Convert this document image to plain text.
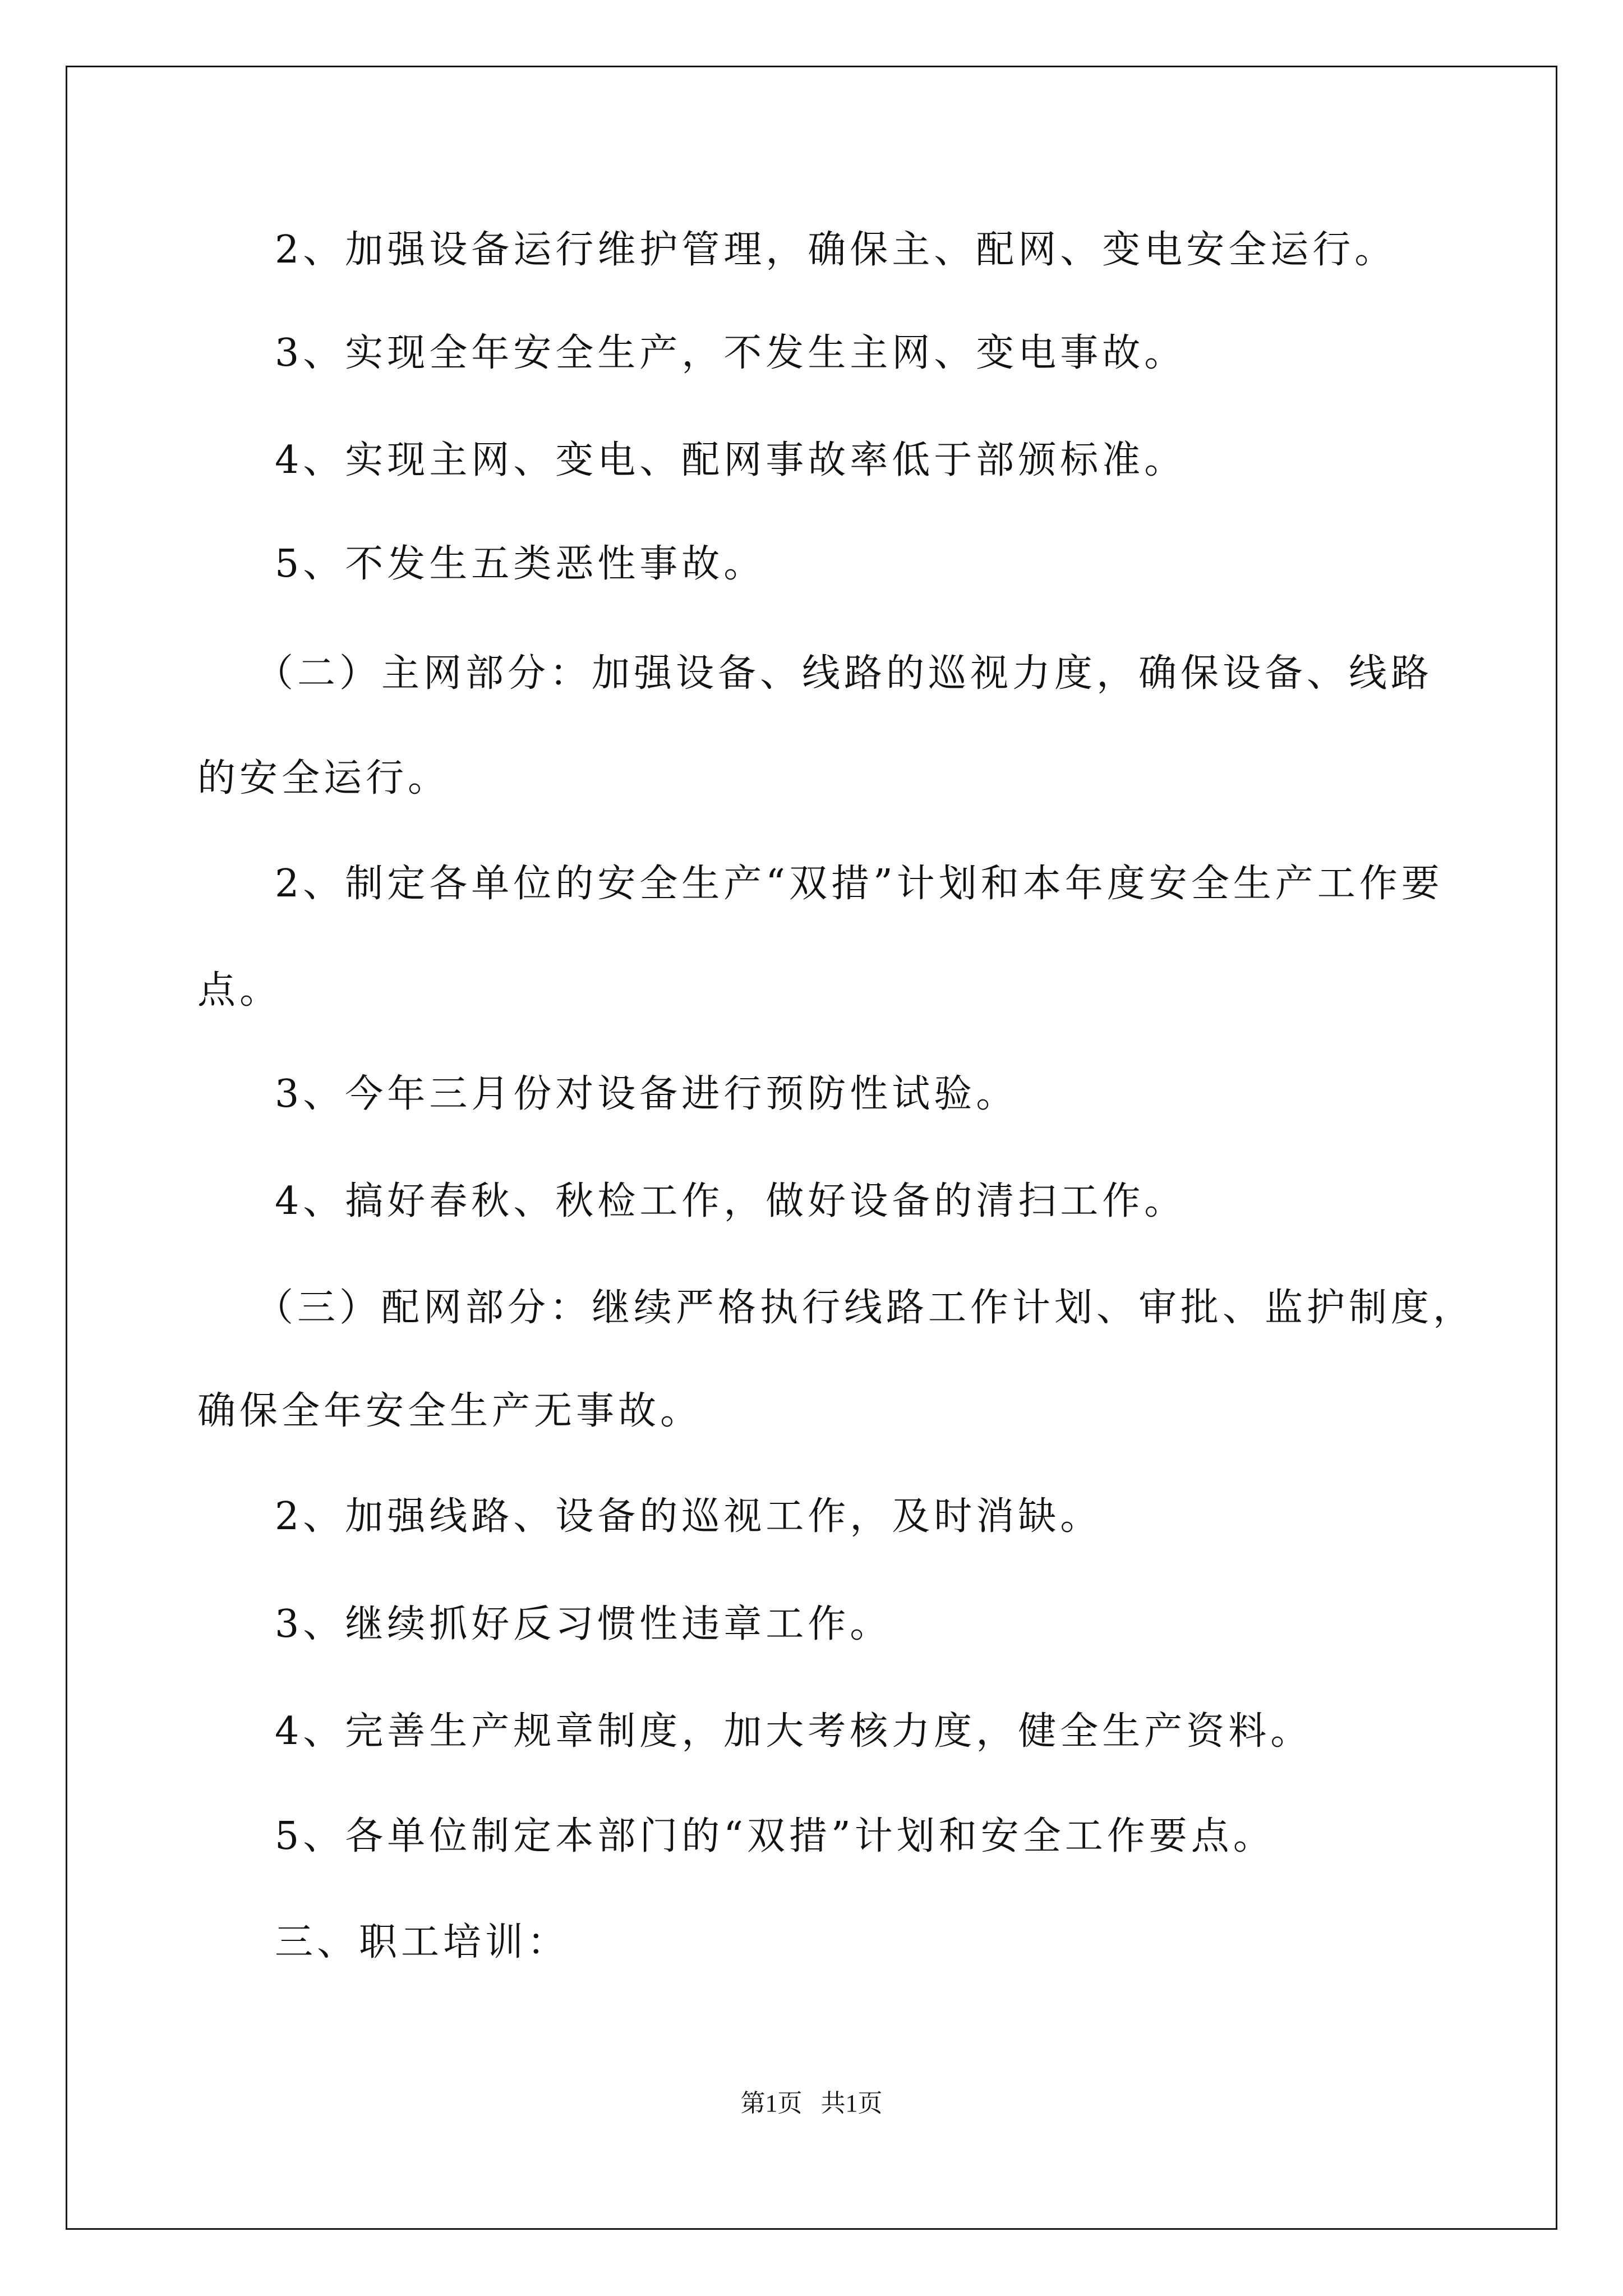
2、加强设备运行维护管理，确保主、配网、变电安全运行。
3、实现全年安全生产，不发生主网、变电事故。
4、实现主网、变电、配网事故率低于部颁标准。
5、不发生五类恶性事故。
（二）主网部分：加强设备、线路的巡视力度，确保设备、线路
的安全运行。
2、制定各单位的安全生产“双措”计划和本年度安全生产工作要
点。
3、今年三月份对设备进行预防性试验。
4、搞好春秋、秋检工作，做好设备的清扫工作。
（三）配网部分：继续严格执行线路工作计划、审批、监护制度，
确保全年安全生产无事故。
2、加强线路、设备的巡视工作，及时消缺。
3、继续抓好反习惯性违章工作。
4、完善生产规章制度，加大考核力度，健全生产资料。
5、各单位制定本部门的“双措”计划和安全工作要点。
三、职工培训：
第1页   共1页
